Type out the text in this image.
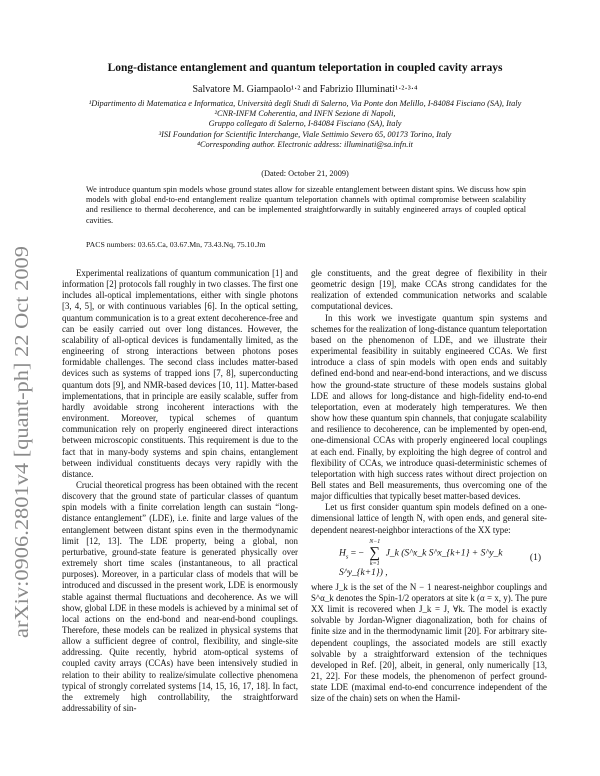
arXiv:0906.2801v4 [quant-ph] 22 Oct 2009
Long-distance entanglement and quantum teleportation in coupled cavity arrays
Salvatore M. Giampaolo¹·² and Fabrizio Illuminati¹·²·³·⁴
¹Dipartimento di Matematica e Informatica, Università degli Studi di Salerno, Via Ponte don Melillo, I-84084 Fisciano (SA), Italy
²CNR-INFM Coherentia, and INFN Sezione di Napoli,
Gruppo collegato di Salerno, I-84084 Fisciano (SA), Italy
³ISI Foundation for Scientific Interchange, Viale Settimio Severo 65, 00173 Torino, Italy
⁴Corresponding author. Electronic address: illuminati@sa.infn.it
(Dated: October 21, 2009)
We introduce quantum spin models whose ground states allow for sizeable entanglement between distant spins. We discuss how spin models with global end-to-end entanglement realize quantum teleportation channels with optimal compromise between scalability and resilience to thermal decoherence, and can be implemented straightforwardly in suitably engineered arrays of coupled optical cavities.
PACS numbers: 03.65.Ca, 03.67.Mn, 73.43.Nq, 75.10.Jm

Experimental realizations of quantum communication [1] and information [2] protocols fall roughly in two classes. The first one includes all-optical implementations, either with single photons [3, 4, 5], or with continuous variables [6]. In the optical setting, quantum communication is to a great extent decoherence-free and can be easily carried out over long distances. However, the scalability of all-optical devices is fundamentally limited, as the engineering of strong interactions between photons poses formidable challenges. The second class includes matter-based devices such as systems of trapped ions [7, 8], superconducting quantum dots [9], and NMR-based devices [10, 11]. Matter-based implementations, that in principle are easily scalable, suffer from hardly avoidable strong incoherent interactions with the environment. Moreover, typical schemes of quantum communication rely on properly engineered direct interactions between microscopic constituents. This requirement is due to the fact that in many-body systems and spin chains, entanglement between individual constituents decays very rapidly with the distance.

Crucial theoretical progress has been obtained with the recent discovery that the ground state of particular classes of quantum spin models with a finite correlation length can sustain “long-distance entanglement” (LDE), i.e. finite and large values of the entanglement between distant spins even in the thermodynamic limit [12, 13]. The LDE property, being a global, non perturbative, ground-state feature is generated physically over extremely short time scales (instantaneous, to all practical purposes). Moreover, in a particular class of models that will be introduced and discussed in the present work, LDE is enormously stable against thermal fluctuations and decoherence. As we will show, global LDE in these models is achieved by a minimal set of local actions on the end-bond and near-end-bond couplings. Therefore, these models can be realized in physical systems that allow a sufficient degree of control, flexibility, and single-site addressing. Quite recently, hybrid atom-optical systems of coupled cavity arrays (CCAs) have been intensively studied in relation to their ability to realize/simulate collective phenomena typical of strongly correlated systems [14, 15, 16, 17, 18]. In fact, the extremely high controllability, the straightforward addressability of sin-

gle constituents, and the great degree of flexibility in their geometric design [19], make CCAs strong candidates for the realization of extended communication networks and scalable computational devices.

In this work we investigate quantum spin systems and schemes for the realization of long-distance quantum teleportation based on the phenomenon of LDE, and we illustrate their experimental feasibility in suitably engineered CCAs. We first introduce a class of spin models with open ends and suitably defined end-bond and near-end-bond interactions, and we discuss how the ground-state structure of these models sustains global LDE and allows for long-distance and high-fidelity end-to-end teleportation, even at moderately high temperatures. We then show how these quantum spin channels, that conjugate scalability and resilience to decoherence, can be implemented by open-end, one-dimensional CCAs with properly engineered local couplings at each end. Finally, by exploiting the high degree of control and flexibility of CCAs, we introduce quasi-deterministic schemes of teleportation with high success rates without direct projection on Bell states and Bell measurements, thus overcoming one of the major difficulties that typically beset matter-based devices.

Let us first consider quantum spin models defined on a one-dimensional lattice of length N, with open ends, and general site-dependent nearest-neighbor interactions of the XX type:

$H_s$ = −
N−1
∑
k=1
J_k (S^x_k S^x_{k+1} + S^y_k S^y_{k+1}) ,
(1)

where J_k is the set of the N − 1 nearest-neighbor couplings and S^α_k denotes the Spin-1/2 operators at site k (α = x, y). The pure XX limit is recovered when J_k = J, ∀k. The model is exactly solvable by Jordan-Wigner diagonalization, both for chains of finite size and in the thermodynamic limit [20]. For arbitrary site-dependent couplings, the associated models are still exactly solvable by a straightforward extension of the techniques developed in Ref. [20], albeit, in general, only numerically [13, 21, 22]. For these models, the phenomenon of perfect ground-state LDE (maximal end-to-end concurrence independent of the size of the chain) sets on when the Hamil-
